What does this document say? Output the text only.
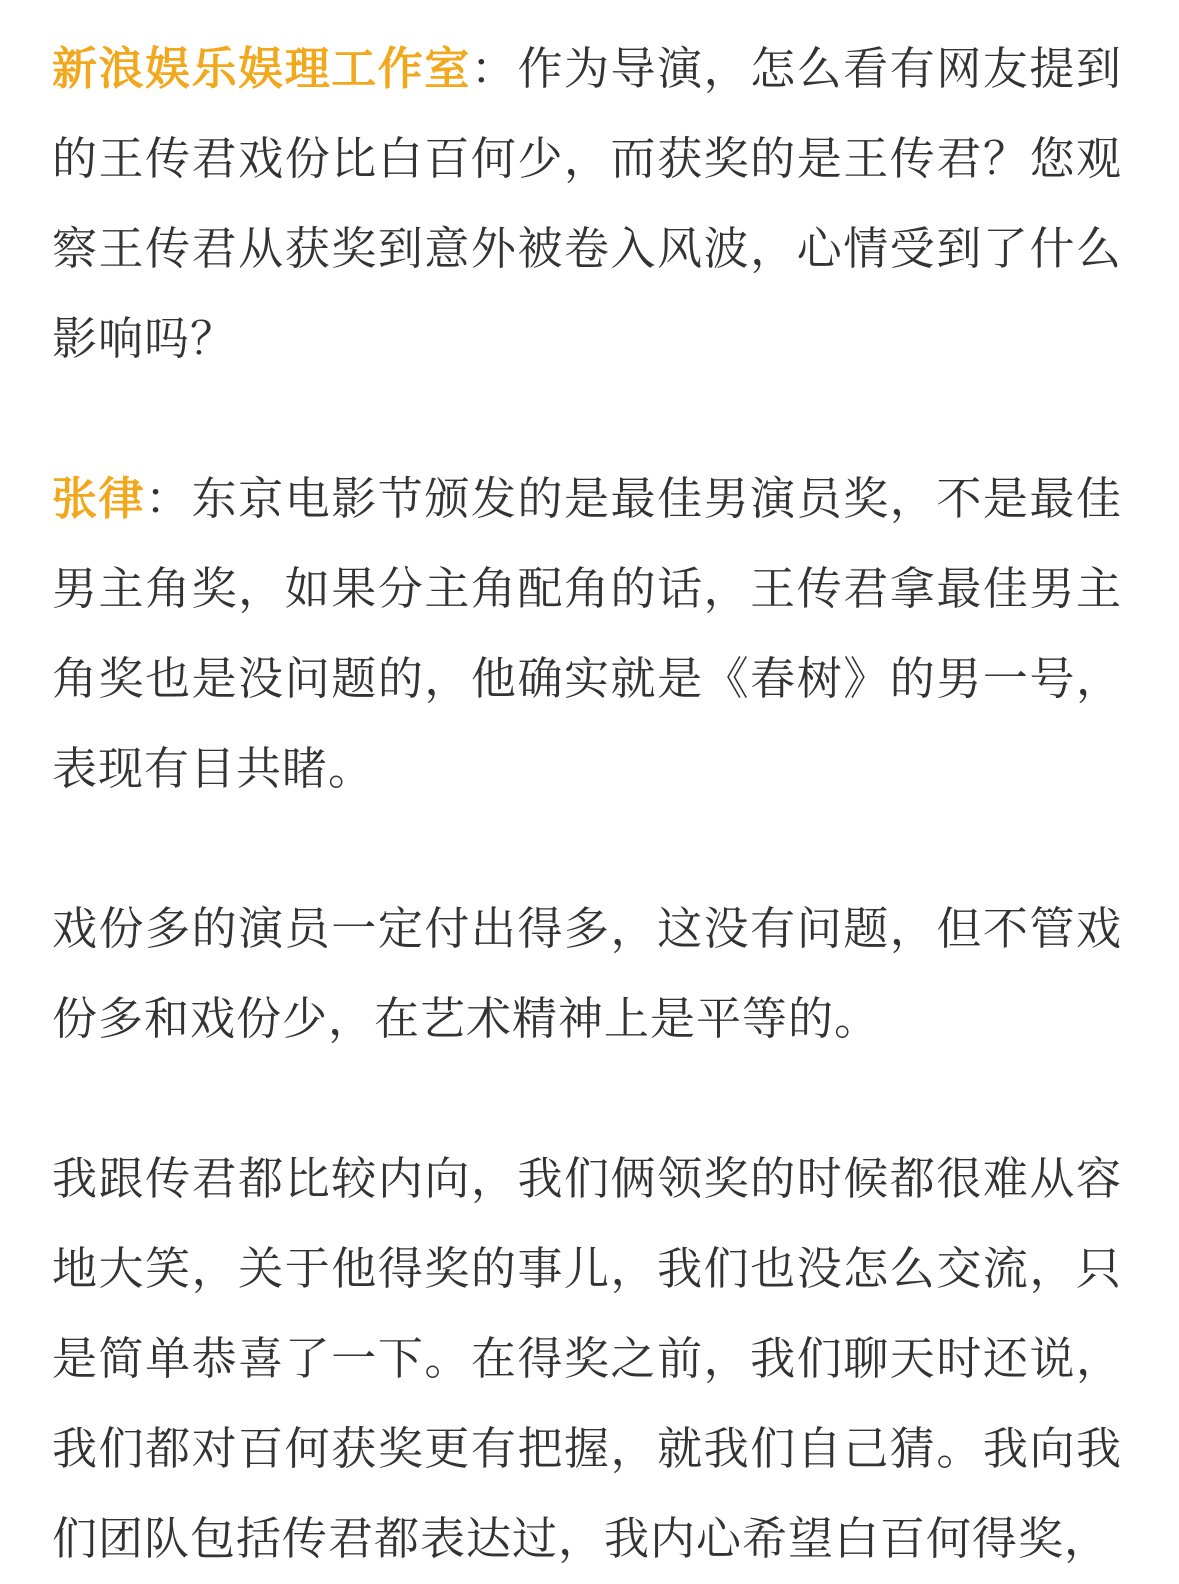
新浪娱乐娱理工作室：作为导演，怎么看有网友提到的王传君戏份比白百何少，而获奖的是王传君？您观察王传君从获奖到意外被卷入风波，心情受到了什么影响吗？

张律：东京电影节颁发的是最佳男演员奖，不是最佳男主角奖，如果分主角配角的话，王传君拿最佳男主角奖也是没问题的，他确实就是《春树》的男一号，表现有目共睹。

戏份多的演员一定付出得多，这没有问题，但不管戏份多和戏份少，在艺术精神上是平等的。

我跟传君都比较内向，我们俩领奖的时候都很难从容地大笑，关于他得奖的事儿，我们也没怎么交流，只是简单恭喜了一下。在得奖之前，我们聊天时还说，我们都对百何获奖更有把握，就我们自己猜。我向我们团队包括传君都表达过，我内心希望白百何得奖，
